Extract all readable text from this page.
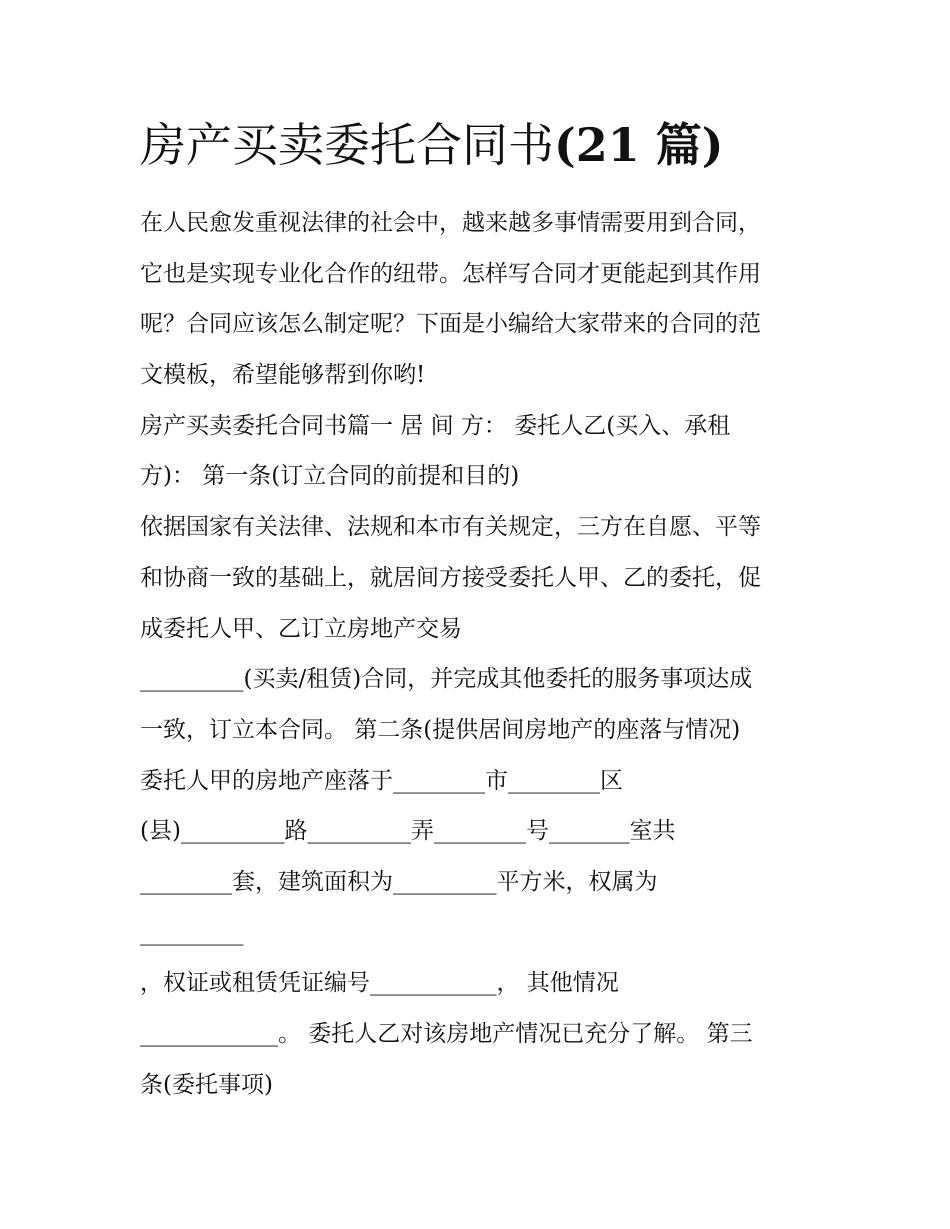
房产买卖委托合同书(21 篇)
在人民愈发重视法律的社会中，越来越多事情需要用到合同，
它也是实现专业化合作的纽带。怎样写合同才更能起到其作用
呢？合同应该怎么制定呢？下面是小编给大家带来的合同的范
文模板，希望能够帮到你哟!
房产买卖委托合同书篇一 居 间 方： 委托人乙(买入、承租
方)： 第一条(订立合同的前提和目的)
依据国家有关法律、法规和本市有关规定，三方在自愿、平等
和协商一致的基础上，就居间方接受委托人甲、乙的委托，促
成委托人甲、乙订立房地产交易
_________(买卖/租赁)合同，并完成其他委托的服务事项达成
一致，订立本合同。 第二条(提供居间房地产的座落与情况)
委托人甲的房地产座落于________市________区
(县)_________路_________弄________号_______室共
________套，建筑面积为_________平方米，权属为
_________
，权证或租赁凭证编号___________， 其他情况
____________。 委托人乙对该房地产情况已充分了解。 第三
条(委托事项)
